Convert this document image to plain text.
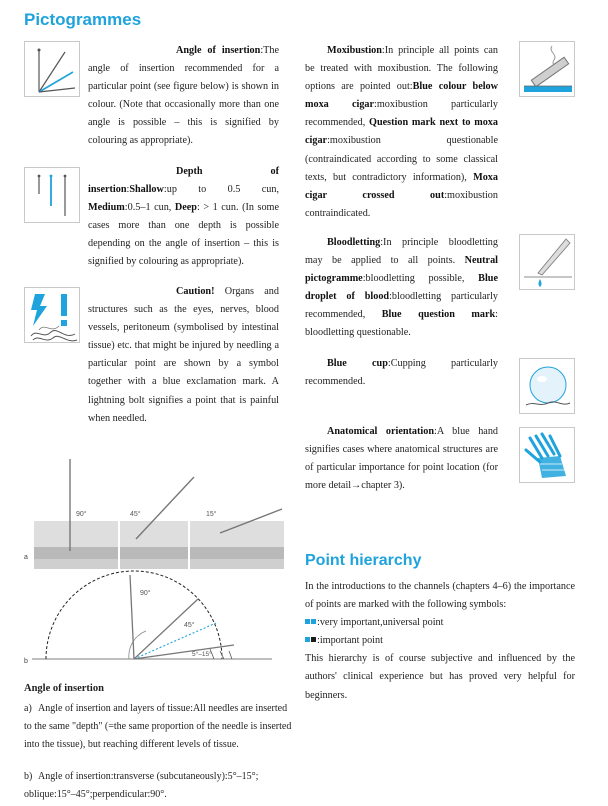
Pictogrammes
Point hierarchy
Angle of insertion:The angle of insertion recommended for a particular point (see figure below) is shown in colour. (Note that occasionally more than one angle is possible – this is signified by colouring as appropriate).
Depth of insertion:Shallow:up to 0.5 cun, Medium:0.5–1 cun, Deep: > 1 cun. (In some cases more than one depth is possible depending on the angle of insertion – this is signified by colouring as appropriate).
Caution! Organs and structures such as the eyes, nerves, blood vessels, peritoneum (symbolised by intestinal tissue) etc. that might be injured by needling a particular point are shown by a symbol together with a blue exclamation mark. A lightning bolt signifies a point that is painful when needled.
Moxibustion:In principle all points can be treated with moxibustion. The following options are pointed out:Blue colour below moxa cigar:moxibustion particularly recommended, Question mark next to moxa cigar:moxibustion questionable (contraindicated according to some classical texts, but contradictory information), Moxa cigar crossed out:moxibustion contraindicated.
Bloodletting:In principle bloodletting may be applied to all points. Neutral pictogramme:bloodletting possible, Blue droplet of blood:bloodletting particularly recommended, Blue question mark: bloodletting questionable.
Blue cup:Cupping particularly recommended.
Anatomical orientation:A blue hand signifies cases where anatomical structures are of particular importance for point location (for more detail→chapter 3).
90°	45°	15°
a
90°
45°
5°–15°
b
Angle of insertion
a) Angle of insertion and layers of tissue:All needles are inserted to the same "depth" (=the same proportion of the needle is inserted into the tissue), but reaching different levels of tissue.
b) Angle of insertion:transverse (subcutaneously):5°–15°; oblique:15°–45°;perpendicular:90°.
In the introductions to the channels (chapters 4–6) the importance of points are marked with the following symbols:
:very important,universal point
:important point
This hierarchy is of course subjective and influenced by the authors' clinical experience but has proved very helpful for beginners.
